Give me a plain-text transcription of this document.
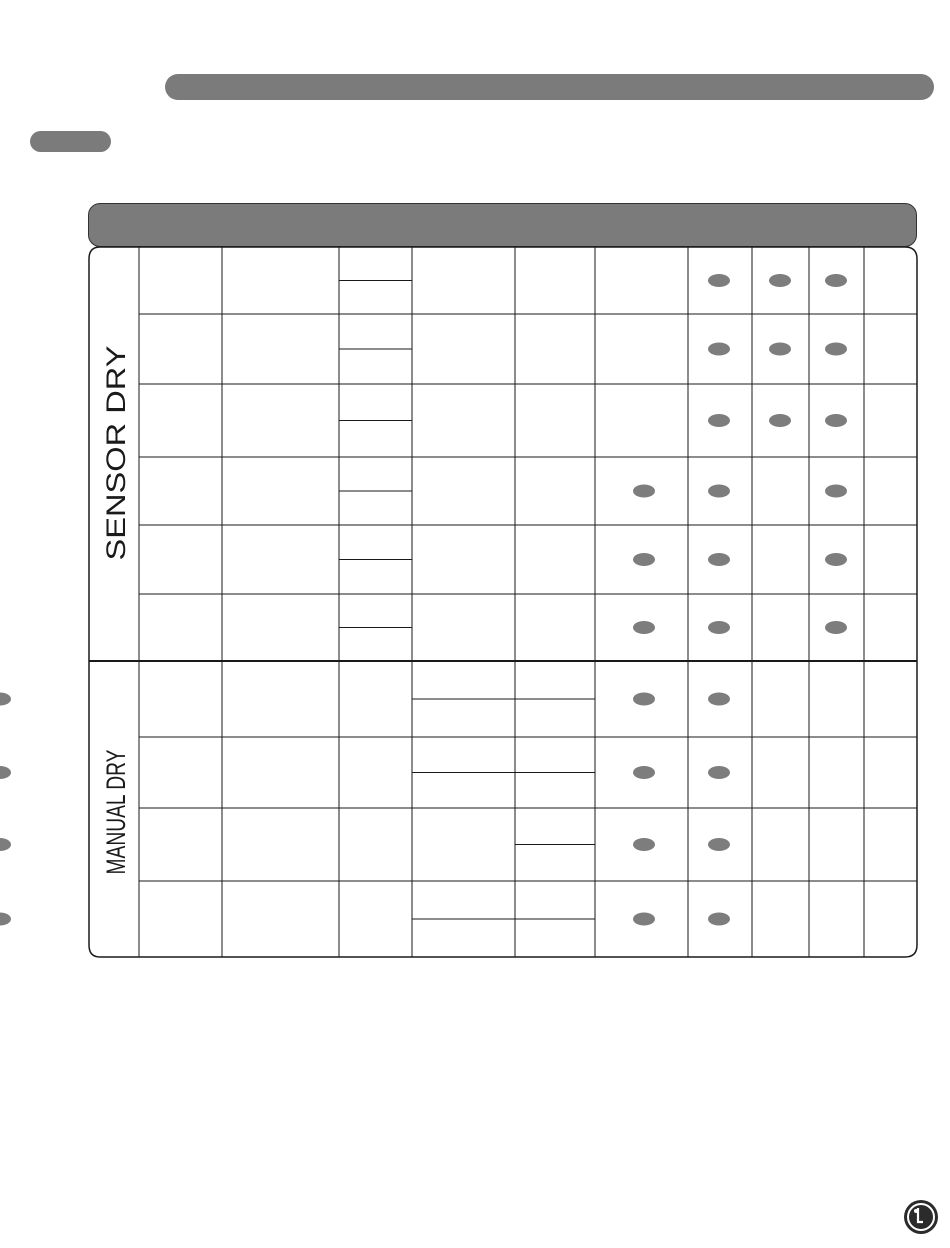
SENSOR DRY
MANUAL DRY
